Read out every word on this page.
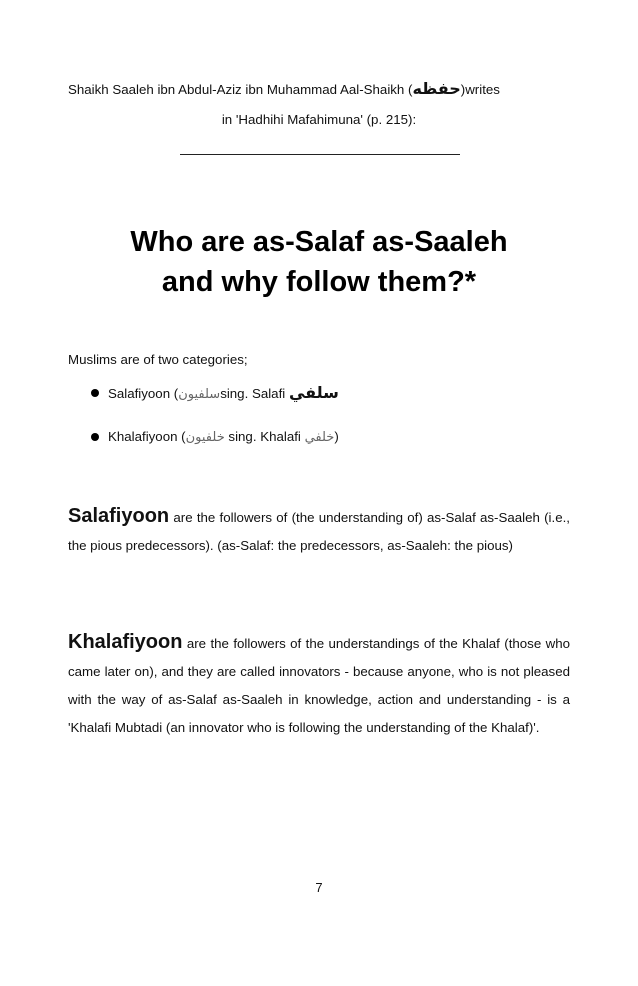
Shaikh Saaleh ibn Abdul-Aziz ibn Muhammad Aal-Shaikh (حفظه)writes
in 'Hadhihi Mafahimuna' (p. 215):
Who are as-Salaf as-Saaleh
and why follow them?*
Muslims are of two categories;
Salafiyoon (سلفيونsing. Salafi سلفي
Khalafiyoon (خلفيون sing. Khalafi خلفي)

Salafiyoon are the followers of (the understanding of) as-Salaf as-Saaleh (i.e., the pious predecessors). (as-Salaf: the predecessors, as-Saaleh: the pious)

Khalafiyoon are the followers of the understandings of the Khalaf (those who came later on), and they are called innovators - because anyone, who is not pleased with the way of as-Salaf as-Saaleh in knowledge, action and understanding - is a 'Khalafi Mubtadi (an innovator who is following the understanding of the Khalaf)'.

7
